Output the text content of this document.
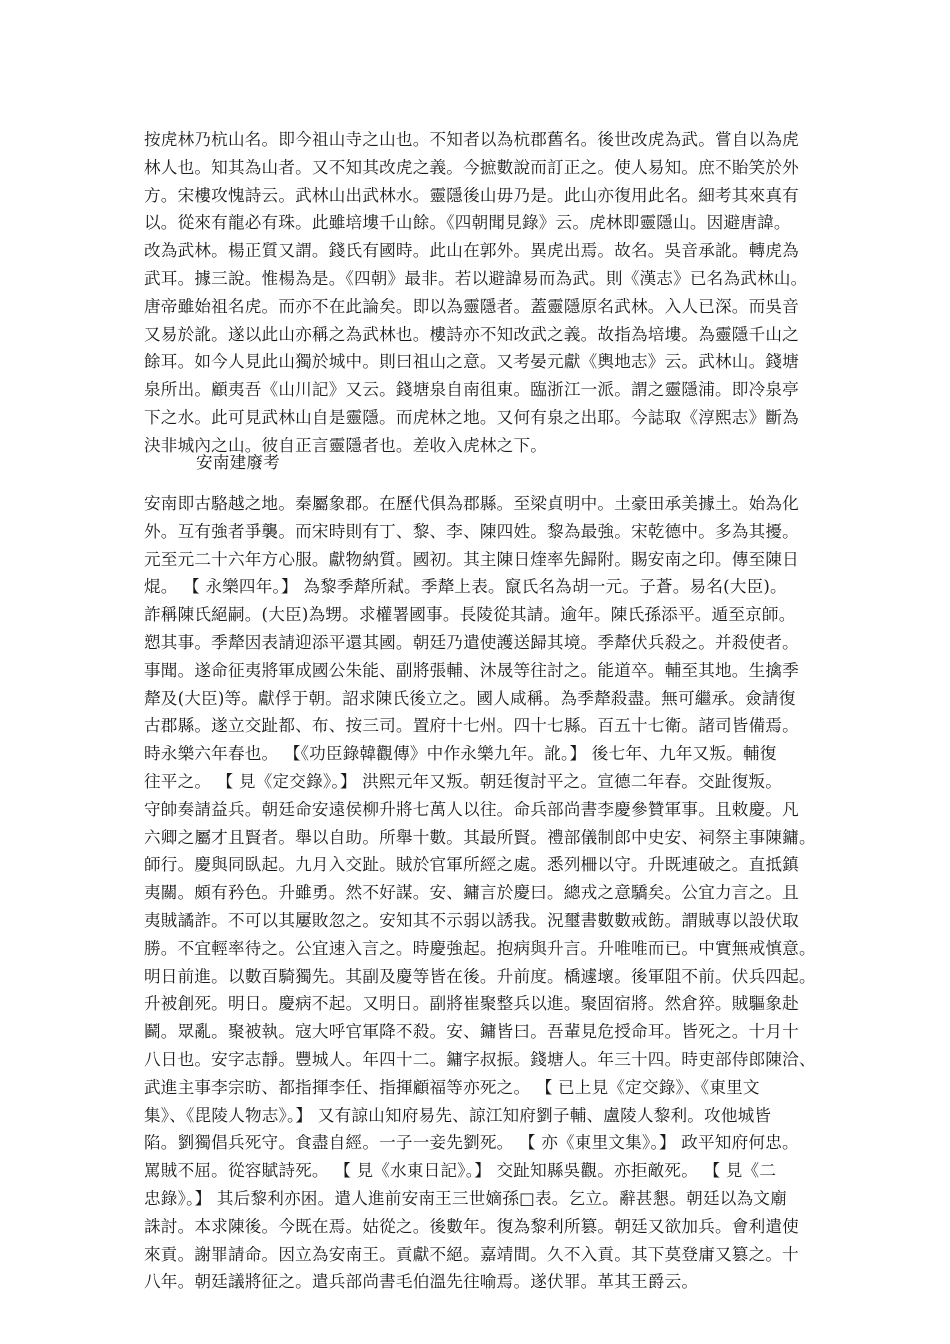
按虎林乃杭山名。即今祖山寺之山也。不知者以為杭郡舊名。後世改虎為武。嘗自以為虎
林人也。知其為山者。又不知其改虎之義。今摭數說而訂正之。使人易知。庶不貽笑於外
方。宋樓攻愧詩云。武林山出武林水。靈隱後山毋乃是。此山亦復用此名。細考其來真有
以。從來有龍必有珠。此雖培塿千山餘。《四朝聞見錄》云。虎林即靈隱山。因避唐諱。
改為武林。楊正質又謂。錢氏有國時。此山在郭外。異虎出焉。故名。吳音承訛。轉虎為
武耳。據三說。惟楊為是。《四朝》最非。若以避諱易而為武。則《漢志》已名為武林山。
唐帝雖始祖名虎。而亦不在此論矣。即以為靈隱者。蓋靈隱原名武林。入人已深。而吳音
又易於訛。遂以此山亦稱之為武林也。樓詩亦不知改武之義。故指為培塿。為靈隱千山之
餘耳。如今人見此山獨於城中。則曰祖山之意。又考晏元獻《輿地志》云。武林山。錢塘
泉所出。顧夷吾《山川記》又云。錢塘泉自南徂東。臨浙江一派。謂之靈隱浦。即冷泉亭
下之水。此可見武林山自是靈隱。而虎林之地。又何有泉之出耶。今誌取《淳熙志》斷為
決非城內之山。彼自正言靈隱者也。差收入虎林之下。
安南建廢考
安南即古駱越之地。秦屬象郡。在歷代俱為郡縣。至梁貞明中。土豪田承美據土。始為化
外。互有強者爭襲。而宋時則有丁、黎、李、陳四姓。黎為最強。宋乾德中。多為其擾。
元至元二十六年方心服。獻物納質。國初。其主陳日煃率先歸附。賜安南之印。傳至陳日
焜。 【 永樂四年。】 為黎季犛所弒。季犛上表。竄氏名為胡一元。子蒼。易名(大臣)。
詐稱陳氏絕嗣。(大臣)為甥。求權署國事。長陵從其請。逾年。陳氏孫添平。遁至京師。
愬其事。季犛因表請迎添平還其國。朝廷乃遣使護送歸其境。季犛伏兵殺之。并殺使者。
事聞。遂命征夷將軍成國公朱能、副將張輔、沐晟等往討之。能道卒。輔至其地。生擒季
犛及(大臣)等。獻俘于朝。詔求陳氏後立之。國人咸稱。為季犛殺盡。無可繼承。僉請復
古郡縣。遂立交趾都、布、按三司。置府十七州。四十七縣。百五十七衛。諸司皆備焉。
時永樂六年春也。 【《功臣錄韓觀傳》中作永樂九年。訛。】 後七年、九年又叛。輔復
往平之。 【 見《定交錄》。】 洪熙元年又叛。朝廷復討平之。宣德二年春。交趾復叛。
守帥奏請益兵。朝廷命安遠侯柳升將七萬人以往。命兵部尚書李慶參贊軍事。且敕慶。凡
六卿之屬才且賢者。舉以自助。所舉十數。其最所賢。禮部儀制郎中史安、祠祭主事陳鏞。
師行。慶與同臥起。九月入交趾。賊於官軍所經之處。悉列柵以守。升既連破之。直抵鎮
夷關。頗有矜色。升雖勇。然不好謀。安、鏞言於慶曰。總戎之意驕矣。公宜力言之。且
夷賊譎詐。不可以其屢敗忽之。安知其不示弱以誘我。況璽書數數戒飭。謂賊專以設伏取
勝。不宜輕率待之。公宜速入言之。時慶強起。抱病與升言。升唯唯而已。中實無戒慎意。
明日前進。以數百騎獨先。其副及慶等皆在後。升前度。橋遽壞。後軍阻不前。伏兵四起。
升被創死。明日。慶病不起。又明日。副將崔聚整兵以進。聚固宿將。然倉猝。賊驅象赴
鬬。眾亂。聚被執。寇大呼官軍降不殺。安、鏞皆曰。吾輩見危授命耳。皆死之。十月十
八日也。安字志靜。豐城人。年四十二。鏞字叔振。錢塘人。年三十四。時吏部侍郎陳洽、
武進主事李宗昉、都指揮李任、指揮顧福等亦死之。 【 已上見《定交錄》、《東里文
集》、《毘陵人物志》。】 又有諒山知府易先、諒江知府劉子輔、盧陵人黎利。攻他城皆
陷。劉獨倡兵死守。食盡自經。一子一妾先劉死。 【 亦《東里文集》。】 政平知府何忠。
罵賊不屈。從容賦詩死。 【 見《水東日記》。】 交趾知縣吳觀。亦拒敵死。 【 見《二
忠錄》。】 其后黎利亦困。遣人進前安南王三世嫡孫□表。乞立。辭甚懇。朝廷以為文廟
誅討。本求陳後。今既在焉。姑從之。後數年。復為黎利所篡。朝廷又欲加兵。會利遣使
來貢。謝罪請命。因立為安南王。貢獻不絕。嘉靖間。久不入貢。其下莫登庸又篡之。十
八年。朝廷議將征之。遣兵部尚書毛伯溫先往喻焉。遂伏罪。革其王爵云。
